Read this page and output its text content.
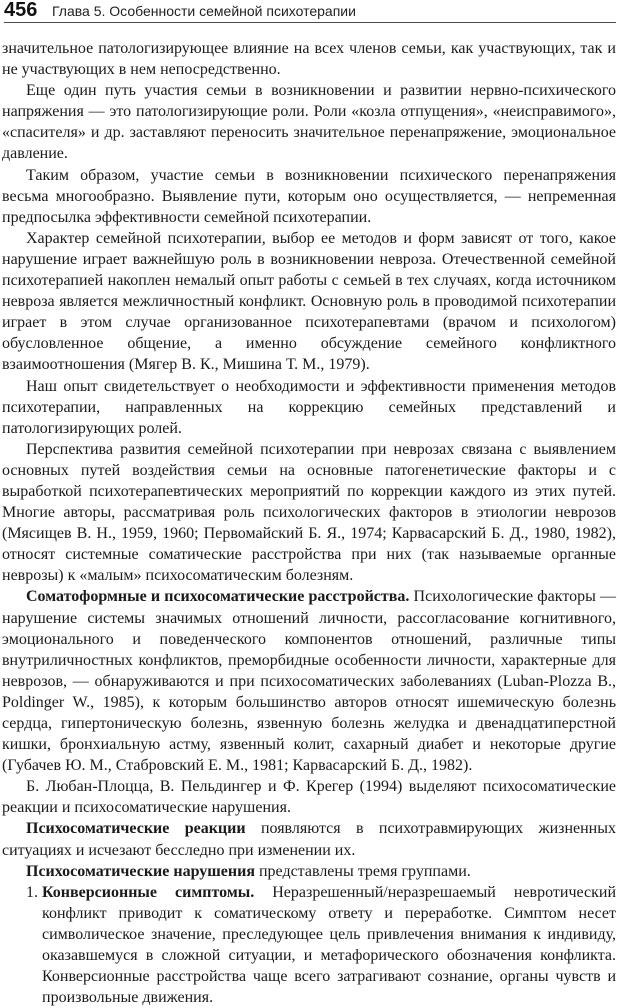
456 Глава 5. Особенности семейной психотерапии

значительное патологизирующее влияние на всех членов семьи, как участвующих, так и не участвующих в нем непосредственно.

Еще один путь участия семьи в возникновении и развитии нервно-психического напряжения — это патологизирующие роли. Роли «козла отпущения», «неисправимого», «спасителя» и др. заставляют переносить значительное перенапряжение, эмоциональное давление.

Таким образом, участие семьи в возникновении психического перенапряжения весьма многообразно. Выявление пути, которым оно осуществляется, — непременная предпосылка эффективности семейной психотерапии.

Характер семейной психотерапии, выбор ее методов и форм зависят от того, какое нарушение играет важнейшую роль в возникновении невроза. Отечественной семейной психотерапией накоплен немалый опыт работы с семьей в тех случаях, когда источником невроза является межличностный конфликт. Основную роль в проводимой психотерапии играет в этом случае организованное психотерапевтами (врачом и психологом) обусловленное общение, а именно обсуждение семейного конфликтного взаимоотношения (Мягер В. К., Мишина Т. М., 1979).

Наш опыт свидетельствует о необходимости и эффективности применения методов психотерапии, направленных на коррекцию семейных представлений и патологизирующих ролей.

Перспектива развития семейной психотерапии при неврозах связана с выявлением основных путей воздействия семьи на основные патогенетические факторы и с выработкой психотерапевтических мероприятий по коррекции каждого из этих путей. Многие авторы, рассматривая роль психологических факторов в этиологии неврозов (Мясищев В. Н., 1959, 1960; Первомайский Б. Я., 1974; Карвасарский Б. Д., 1980, 1982), относят системные соматические расстройства при них (так называемые органные неврозы) к «малым» психосоматическим болезням.

Соматоформные и психосоматические расстройства. Психологические факторы — нарушение системы значимых отношений личности, рассогласование когнитивного, эмоционального и поведенческого компонентов отношений, различные типы внутриличностных конфликтов, преморбидные особенности личности, характерные для неврозов, — обнаруживаются и при психосоматических заболеваниях (Luban-Plozza B., Poldinger W., 1985), к которым большинство авторов относят ишемическую болезнь сердца, гипертоническую болезнь, язвенную болезнь желудка и двенадцатиперстной кишки, бронхиальную астму, язвенный колит, сахарный диабет и некоторые другие (Губачев Ю. М., Стабровский Е. М., 1981; Карвасарский Б. Д., 1982).

Б. Любан-Плоцца, В. Пельдингер и Ф. Крегер (1994) выделяют психосоматические реакции и психосоматические нарушения.

Психосоматические реакции появляются в психотравмирующих жизненных ситуациях и исчезают бесследно при изменении их.

Психосоматические нарушения представлены тремя группами.

1. Конверсионные симптомы. Неразрешенный/неразрешаемый невротический конфликт приводит к соматическому ответу и переработке. Симптом несет символическое значение, преследующее цель привлечения внимания к индивиду, оказавшемуся в сложной ситуации, и метафорического обозначения конфликта. Конверсионные расстройства чаще всего затрагивают сознание, органы чувств и произвольные движения.
